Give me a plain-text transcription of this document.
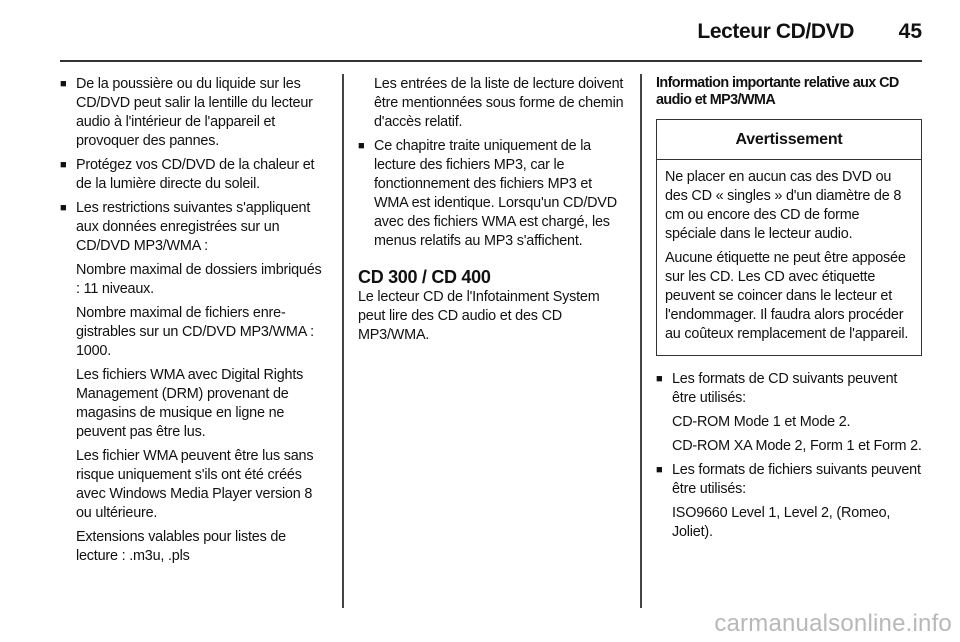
Lecteur CD/DVD 45
■ De la poussière ou du liquide sur les CD/DVD peut salir la lentille du lecteur audio à l'intérieur de l'appareil et provoquer des pannes.
■ Protégez vos CD/DVD de la chaleur et de la lumière directe du soleil.
■ Les restrictions suivantes s'appliquent aux données enregistrées sur un CD/DVD MP3/WMA :

Nombre maximal de dossiers imbriqués : 11 niveaux.

Nombre maximal de fichiers enregistrables sur un CD/DVD MP3/WMA : 1000.

Les fichiers WMA avec Digital Rights Management (DRM) provenant de magasins de musique en ligne ne peuvent pas être lus.

Les fichier WMA peuvent être lus sans risque uniquement s'ils ont été créés avec Windows Media Player version 8 ou ultérieure.

Extensions valables pour listes de lecture : .m3u, .pls

Les entrées de la liste de lecture doivent être mentionnées sous forme de chemin d'accès relatif.

■ Ce chapitre traite uniquement de la lecture des fichiers MP3, car le fonctionnement des fichiers MP3 et WMA est identique. Lorsqu'un CD/DVD avec des fichiers WMA est chargé, les menus relatifs au MP3 s'affichent.
CD 300 / CD 400

Le lecteur CD de l'Infotainment System peut lire des CD audio et des CD MP3/WMA.

Information importante relative aux CD audio et MP3/WMA
Avertissement

Ne placer en aucun cas des DVD ou des CD « singles » d'un diamètre de 8 cm ou encore des CD de forme spéciale dans le lecteur audio.

Aucune étiquette ne peut être apposée sur les CD. Les CD avec étiquette peuvent se coincer dans le lecteur et l'endommager. Il faudra alors procéder au coûteux remplacement de l'appareil.

■ Les formats de CD suivants peuvent être utilisés:

CD-ROM Mode 1 et Mode 2.

CD-ROM XA Mode 2, Form 1 et Form 2.

■ Les formats de fichiers suivants peuvent être utilisés:

ISO9660 Level 1, Level 2, (Romeo, Joliet).

carmanualsonline.info
